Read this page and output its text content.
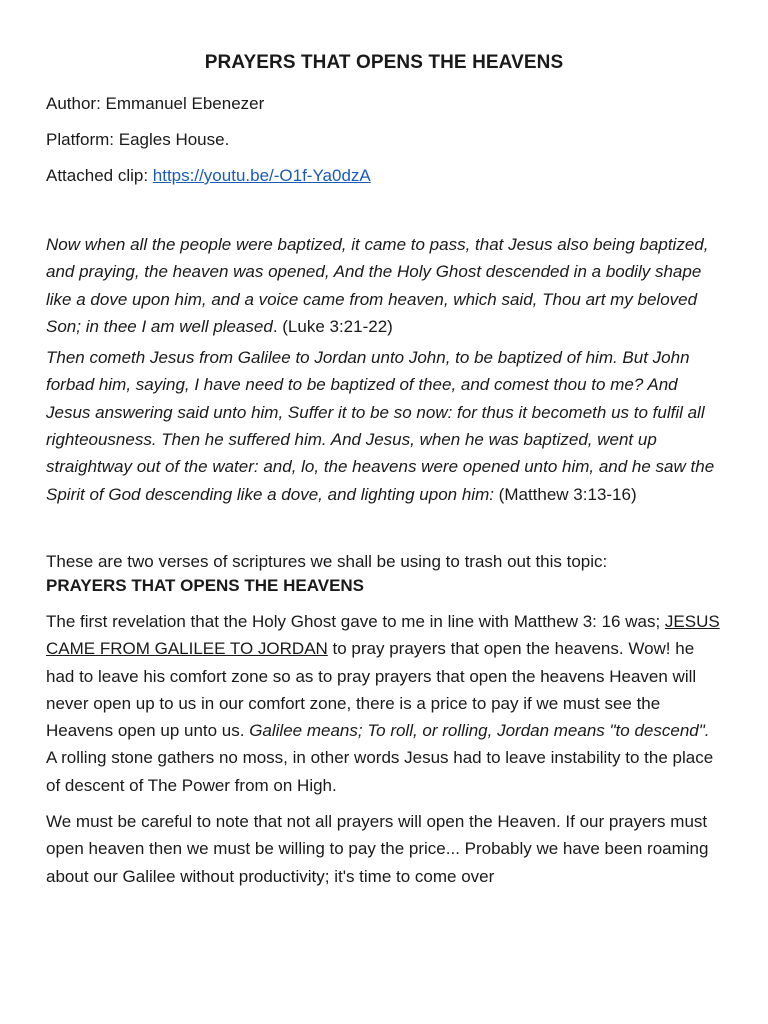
PRAYERS THAT OPENS THE HEAVENS

Author: Emmanuel Ebenezer

Platform: Eagles House.

Attached clip: https://youtu.be/-O1f-Ya0dzA

Now when all the people were baptized, it came to pass, that Jesus also being baptized, and praying, the heaven was opened, And the Holy Ghost descended in a bodily shape like a dove upon him, and a voice came from heaven, which said, Thou art my beloved Son; in thee I am well pleased. (Luke 3:21-22)

Then cometh Jesus from Galilee to Jordan unto John, to be baptized of him. But John forbad him, saying, I have need to be baptized of thee, and comest thou to me? And Jesus answering said unto him, Suffer it to be so now: for thus it becometh us to fulfil all righteousness. Then he suffered him. And Jesus, when he was baptized, went up straightway out of the water: and, lo, the heavens were opened unto him, and he saw the Spirit of God descending like a dove, and lighting upon him: (Matthew 3:13-16)

These are two verses of scriptures we shall be using to trash out this topic:

PRAYERS THAT OPENS THE HEAVENS

The first revelation that the Holy Ghost gave to me in line with Matthew 3: 16 was; JESUS CAME FROM GALILEE TO JORDAN to pray prayers that open the heavens. Wow! he had to leave his comfort zone so as to pray prayers that open the heavens Heaven will never open up to us in our comfort zone, there is a price to pay if we must see the Heavens open up unto us. Galilee means; To roll, or rolling, Jordan means "to descend". A rolling stone gathers no moss, in other words Jesus had to leave instability to the place of descent of The Power from on High.

We must be careful to note that not all prayers will open the Heaven. If our prayers must open heaven then we must be willing to pay the price... Probably we have been roaming about our Galilee without productivity; it's time to come over
